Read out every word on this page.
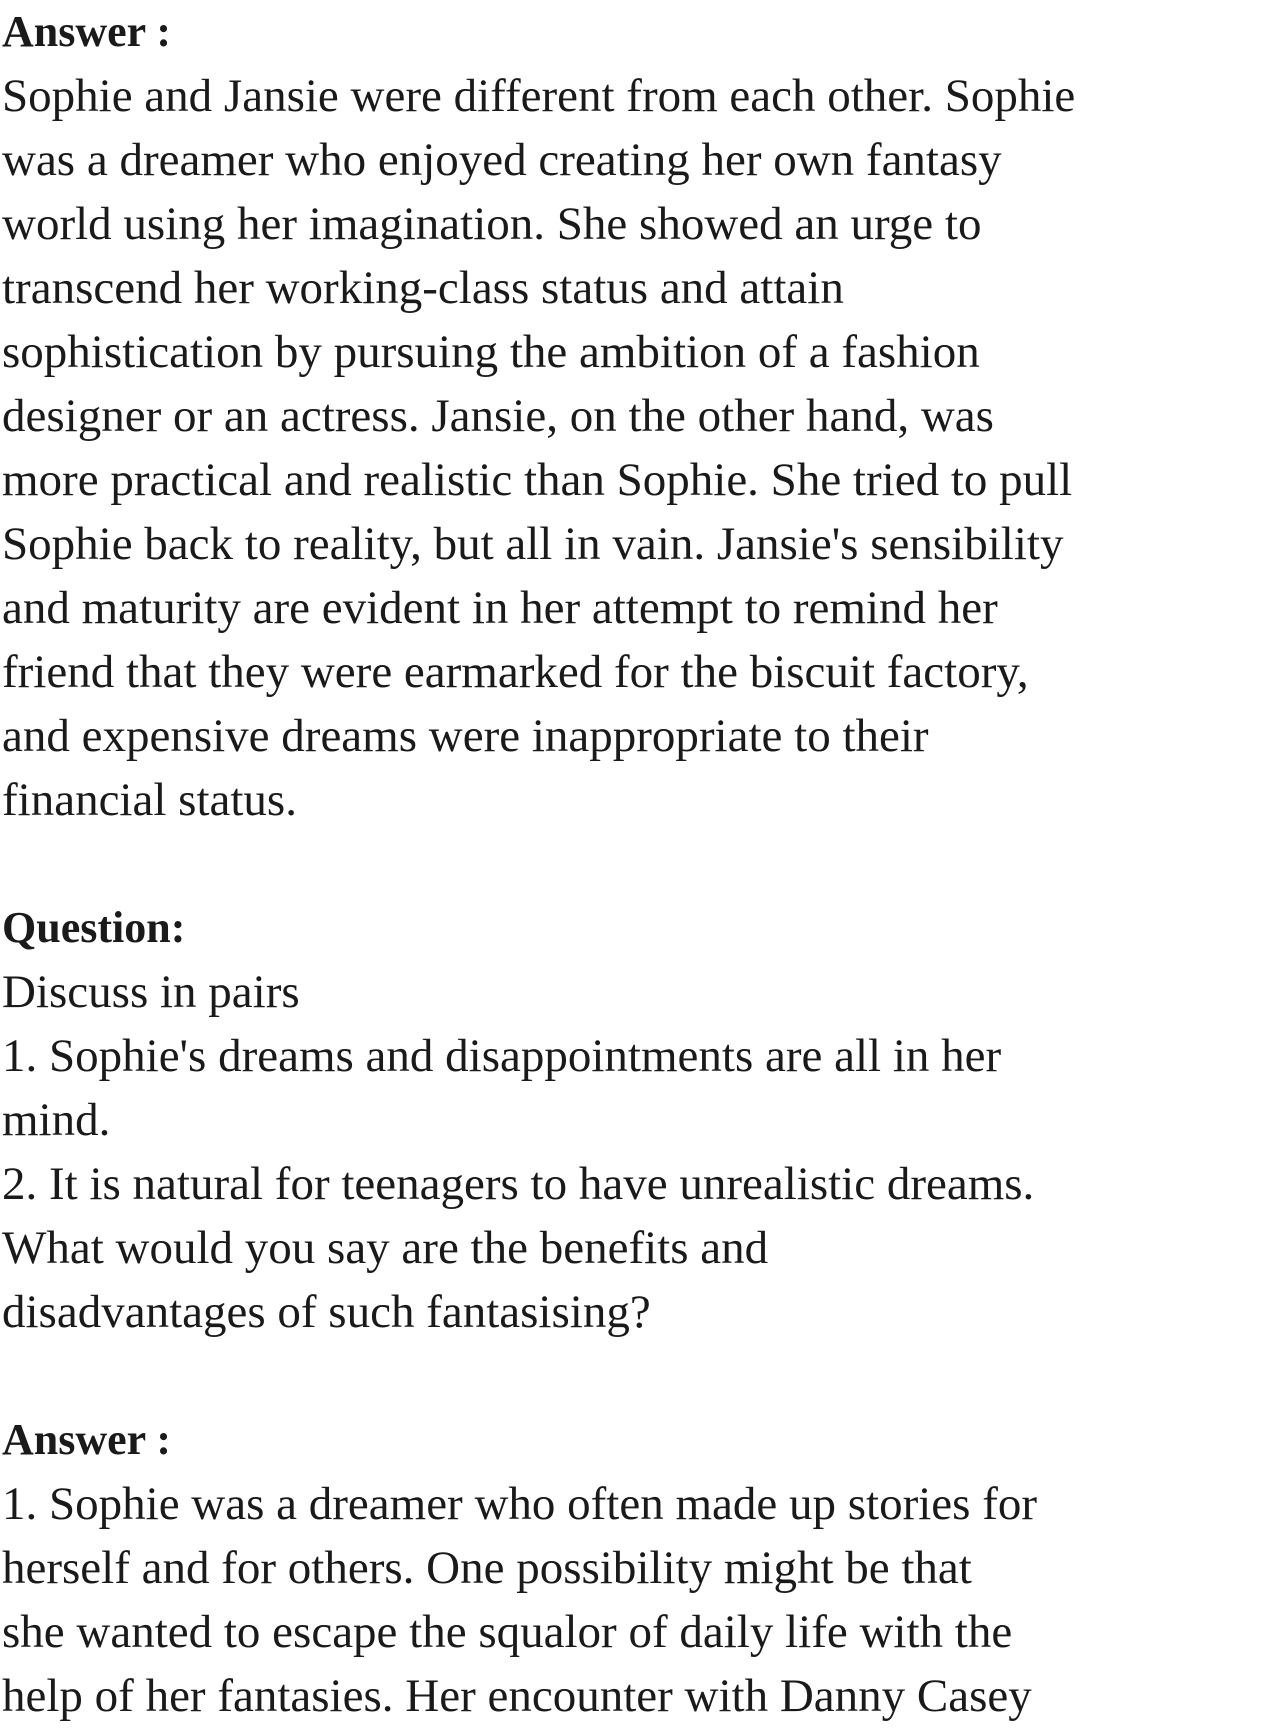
Answer :

Sophie and Jansie were different from each other. Sophie

was a dreamer who enjoyed creating her own fantasy

world using her imagination. She showed an urge to

transcend her working-class status and attain

sophistication by pursuing the ambition of a fashion

designer or an actress. Jansie, on the other hand, was

more practical and realistic than Sophie. She tried to pull

Sophie back to reality, but all in vain. Jansie's sensibility

and maturity are evident in her attempt to remind her

friend that they were earmarked for the biscuit factory,

and expensive dreams were inappropriate to their

financial status.

Question:

Discuss in pairs

1. Sophie's dreams and disappointments are all in her

mind.

2. It is natural for teenagers to have unrealistic dreams.

What would you say are the benefits and

disadvantages of such fantasising?

Answer :

1. Sophie was a dreamer who often made up stories for

herself and for others. One possibility might be that

she wanted to escape the squalor of daily life with the

help of her fantasies. Her encounter with Danny Casey
